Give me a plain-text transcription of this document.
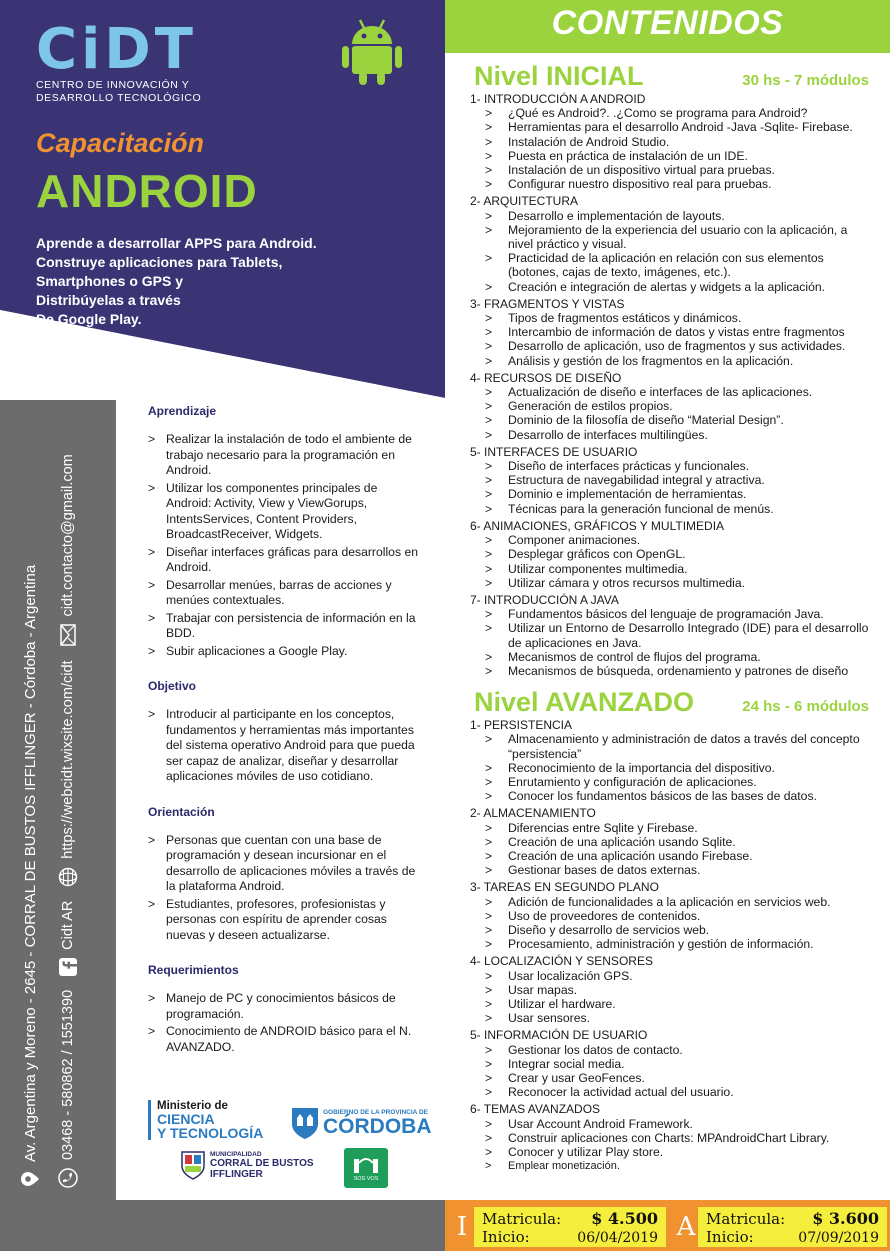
CiDT
CENTRO DE INNOVACIÓN Y
DESARROLLO TECNOLÓGICO
Capacitación
ANDROID
Aprende a desarrollar APPS para Android.
Construye aplicaciones para Tablets,
Smartphones o GPS y
Distribúyelas a través
De Google Play.
Av. Argentina y Moreno - 2645 - CORRAL DE BUSTOS IFFLINGER - Córdoba - Argentina 03468 - 580862 / 1551390
Cidt AR
https://webcidt.wixsite.com/cidt
cidt.contacto@gmail.com
Aprendizaje
> Realizar la instalación de todo el ambiente de trabajo necesario para la programación en Android.
> Utilizar los componentes principales de Android: Activity, View y ViewGorups, IntentsServices, Content Providers, BroadcastReceiver, Widgets.
> Diseñar interfaces gráficas para desarrollos en Android.
> Desarrollar menúes, barras de acciones y menúes contextuales.
> Trabajar con persistencia de información en la BDD.
> Subir aplicaciones a Google Play.
Objetivo
> Introducir al participante en los conceptos, fundamentos y herramientas más importantes del sistema operativo Android para que pueda ser capaz de analizar, diseñar y desarrollar aplicaciones móviles de uso cotidiano.
Orientación
> Personas que cuentan con una base de programación y desean incursionar en el desarrollo de aplicaciones móviles a través de la plataforma Android.
> Estudiantes, profesores, profesionistas y personas con espíritu de aprender cosas nuevas y deseen actualizarse.
Requerimientos
> Manejo de PC y conocimientos básicos de programación.
> Conocimiento de ANDROID básico para el N. AVANZADO.
Ministerio de
CIENCIA
Y TECNOLOGÍA
GOBIERNO DE LA PROVINCIA DE
CÓRDOBA
MUNICIPALIDAD
CORRAL DE BUSTOS
IFFLINGER	SOS VOS
CONTENIDOS
Nivel INICIAL	30 hs - 7 módulos
1- INTRODUCCIÓN A ANDROID
> ¿Qué es Android?. .¿Como se programa para Android?
> Herramientas para el desarrollo Android -Java -Sqlite- Firebase.
> Instalación de Android Studio.
> Puesta en práctica de instalación de un IDE.
> Instalación de un dispositivo virtual para pruebas.
> Configurar nuestro dispositivo real para pruebas.
2- ARQUITECTURA
> Desarrollo e implementación de layouts.
> Mejoramiento de la experiencia del usuario con la aplicación, a nivel práctico y visual.
> Practicidad de la aplicación en relación con sus elementos (botones, cajas de texto, imágenes, etc.).
> Creación e integración de alertas y widgets a la aplicación.
3- FRAGMENTOS Y VISTAS
> Tipos de fragmentos estáticos y dinámicos.
> Intercambio de información de datos y vistas entre fragmentos
> Desarrollo de aplicación, uso de fragmentos y sus actividades.
> Análisis y gestión de los fragmentos en la aplicación.
4- RECURSOS DE DISEÑO
> Actualización de diseño e interfaces de las aplicaciones.
> Generación de estilos propios.
> Dominio de la filosofía de diseño “Material Design”.
> Desarrollo de interfaces multilingües.
5- INTERFACES DE USUARIO
> Diseño de interfaces prácticas y funcionales.
> Estructura de navegabilidad integral y atractiva.
> Dominio e implementación de herramientas.
> Técnicas para la generación funcional de menús.
6- ANIMACIONES, GRÁFICOS Y MULTIMEDIA
> Componer animaciones.
> Desplegar gráficos con OpenGL.
> Utilizar componentes multimedia.
> Utilizar cámara y otros recursos multimedia.
7- INTRODUCCIÓN A JAVA
> Fundamentos básicos del lenguaje de programación Java.
> Utilizar un Entorno de Desarrollo Integrado (IDE) para el desarrollo de aplicaciones en Java.
> Mecanismos de control de flujos del programa.
> Mecanismos de búsqueda, ordenamiento y patrones de diseño
Nivel AVANZADO	24 hs - 6 módulos
1- PERSISTENCIA
> Almacenamiento y administración de datos a través del concepto “persistencia”
> Reconocimiento de la importancia del dispositivo.
> Enrutamiento y configuración de aplicaciones.
> Conocer los fundamentos básicos de las bases de datos.
2- ALMACENAMIENTO
> Diferencias entre Sqlite y Firebase.
> Creación de una aplicación usando Sqlite.
> Creación de una aplicación usando Firebase.
> Gestionar bases de datos externas.
3- TAREAS EN SEGUNDO PLANO
> Adición de funcionalidades a la aplicación en servicios web.
> Uso de proveedores de contenidos.
> Diseño y desarrollo de servicios web.
> Procesamiento, administración y gestión de información.
4- LOCALIZACIÓN Y SENSORES
> Usar localización GPS.
> Usar mapas.
> Utilizar el hardware.
> Usar sensores.
5- INFORMACIÓN DE USUARIO
> Gestionar los datos de contacto.
> Integrar social media.
> Crear y usar GeoFences.
> Reconocer la actividad actual del usuario.
6- TEMAS AVANZADOS
> Usar Account Android Framework.
> Construir aplicaciones con Charts: MPAndroidChart Library.
> Conocer y utilizar Play store.
> Emplear monetización.
I Matricula: $ 4.500
Inicio:	06/04/2019 A Matricula: $ 3.600
Inicio:	07/09/2019
